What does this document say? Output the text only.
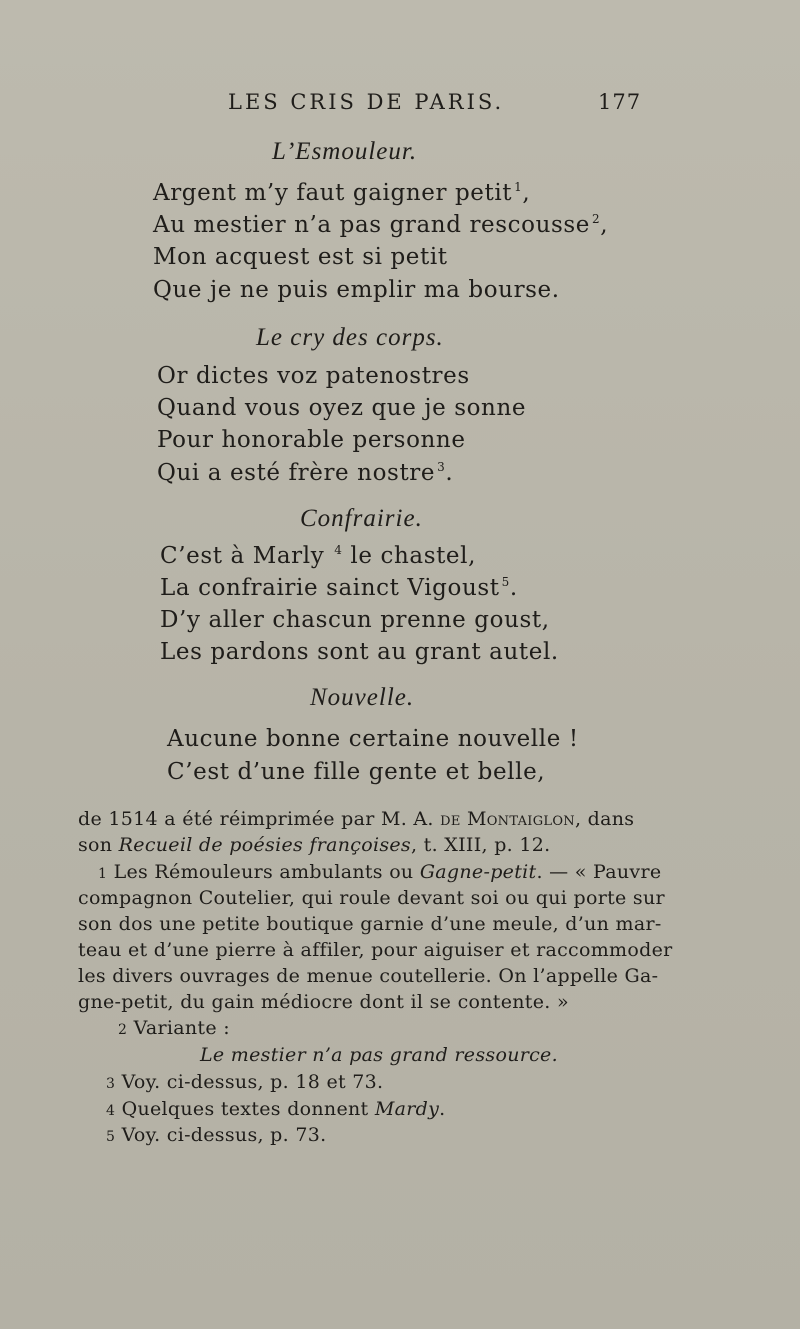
LES CRIS DE PARIS.	177
L’Esmouleur.
Argent m’y faut gaigner petit $^1$,
Au mestier n’a pas grand rescousse $^2$,
Mon acquest est si petit
Que je ne puis emplir ma bourse.
Le cry des corps.
Or dictes voz patenostres
Quand vous oyez que je sonne
Pour honorable personne
Qui a esté frère nostre $^3$.
Confrairie.
C’est à Marly $^4$ le chastel,
La confrairie sainct Vigoust $^5$.
D’y aller chascun prenne goust,
Les pardons sont au grant autel.
Nouvelle.
Aucune bonne certaine nouvelle !
C’est d’une fille gente et belle,
de 1514 a été réimprimée par M. A. de Montaiglon, dans
son Recueil de poésies françoises, t. XIII, p. 12.
1 Les Rémouleurs ambulants ou Gagne-petit. — « Pauvre
compagnon Coutelier, qui roule devant soi ou qui porte sur
son dos une petite boutique garnie d’une meule, d’un mar-
teau et d’une pierre à affiler, pour aiguiser et raccommoder
les divers ouvrages de menue coutellerie. On l’appelle Ga-
gne-petit, du gain médiocre dont il se contente. »
2 Variante :
Le mestier n’a pas grand ressource.
3 Voy. ci-dessus, p. 18 et 73.
4 Quelques textes donnent Mardy.
5 Voy. ci-dessus, p. 73.
